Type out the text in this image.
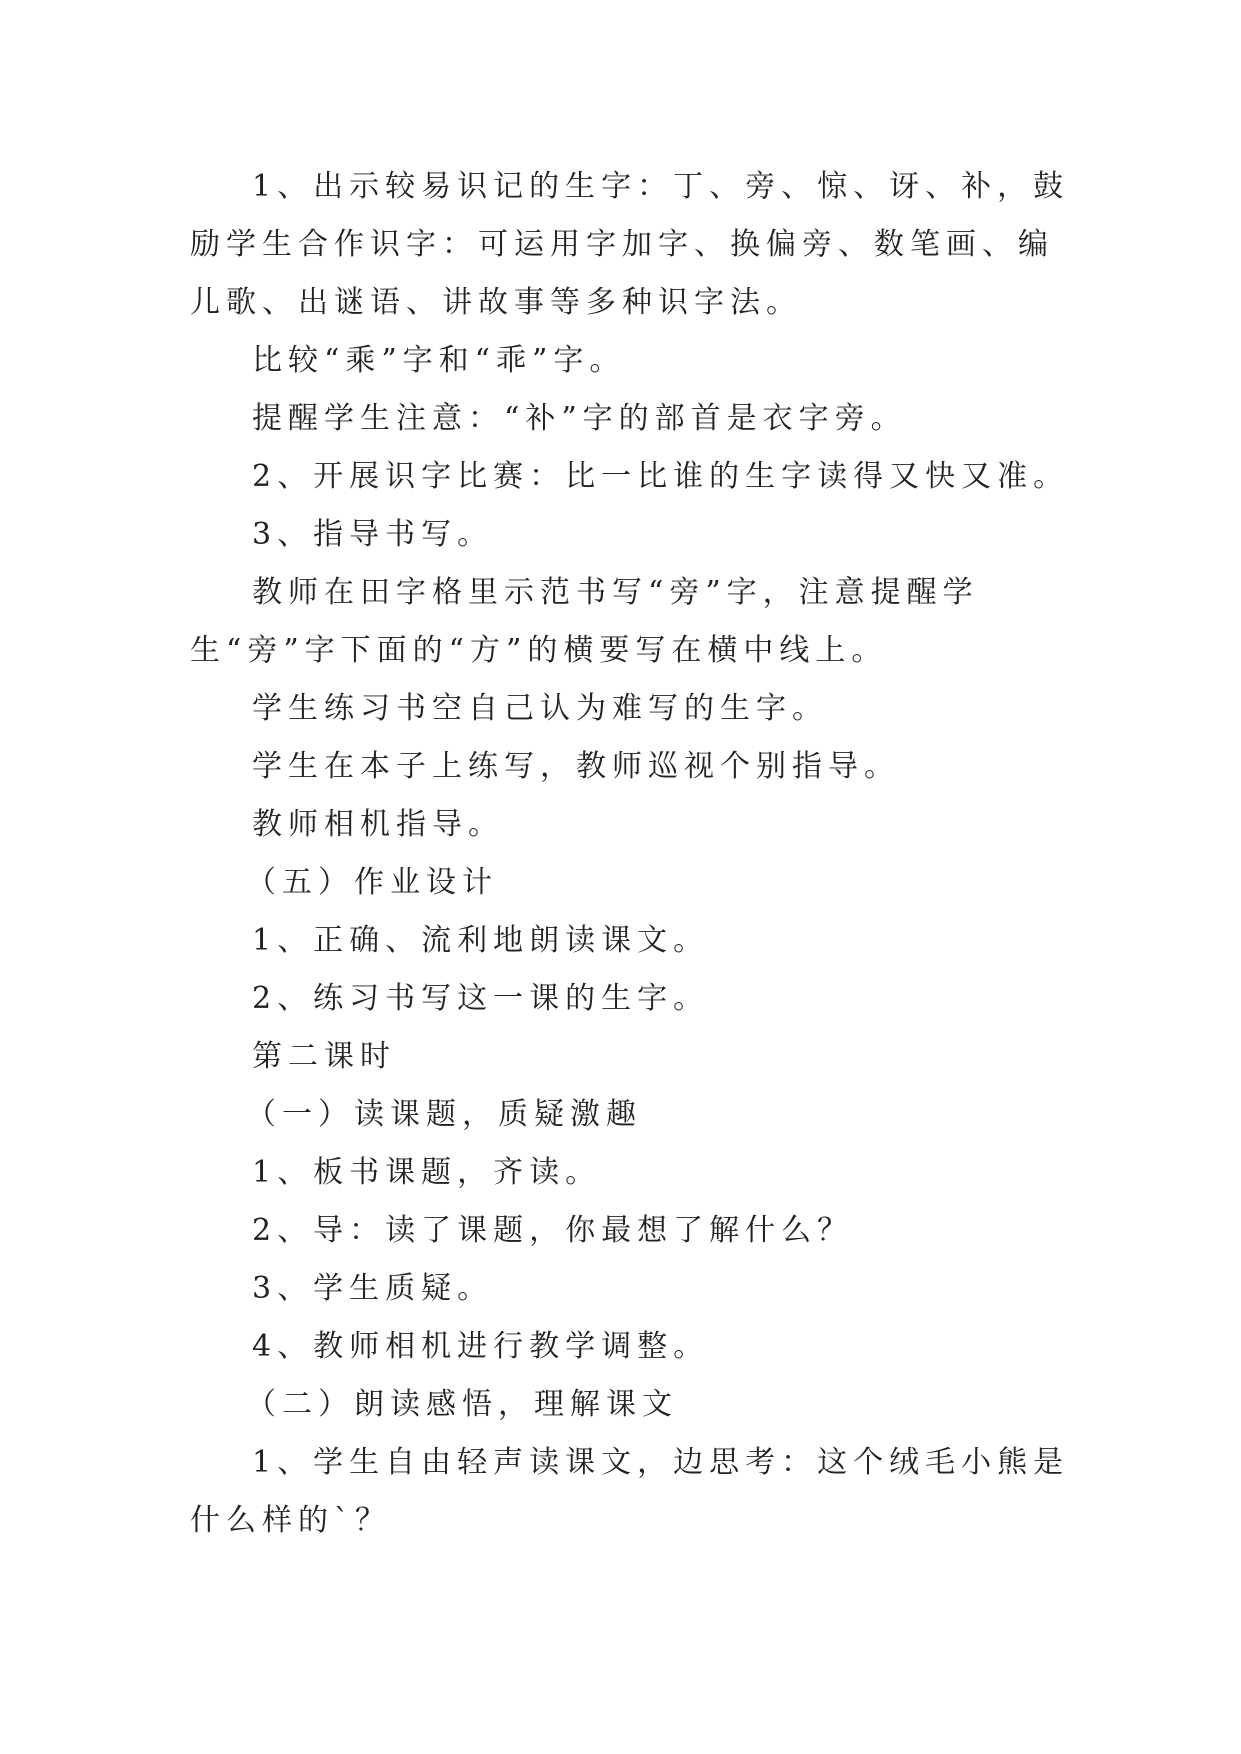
1、出示较易识记的生字：丁、旁、惊、讶、补，鼓励学生合作识字：可运用字加字、换偏旁、数笔画、编儿歌、出谜语、讲故事等多种识字法。

比较“乘”字和“乖”字。

提醒学生注意：“补”字的部首是衣字旁。

2、开展识字比赛：比一比谁的生字读得又快又准。

3、指导书写。

教师在田字格里示范书写“旁”字，注意提醒学生“旁”字下面的“方”的横要写在横中线上。

学生练习书空自己认为难写的生字。

学生在本子上练写，教师巡视个别指导。

教师相机指导。

（五）作业设计

1、正确、流利地朗读课文。

2、练习书写这一课的生字。

第二课时

（一）读课题，质疑激趣

1、板书课题，齐读。

2、导：读了课题，你最想了解什么？

3、学生质疑。

4、教师相机进行教学调整。

（二）朗读感悟，理解课文

1、学生自由轻声读课文，边思考：这个绒毛小熊是什么样的`？
